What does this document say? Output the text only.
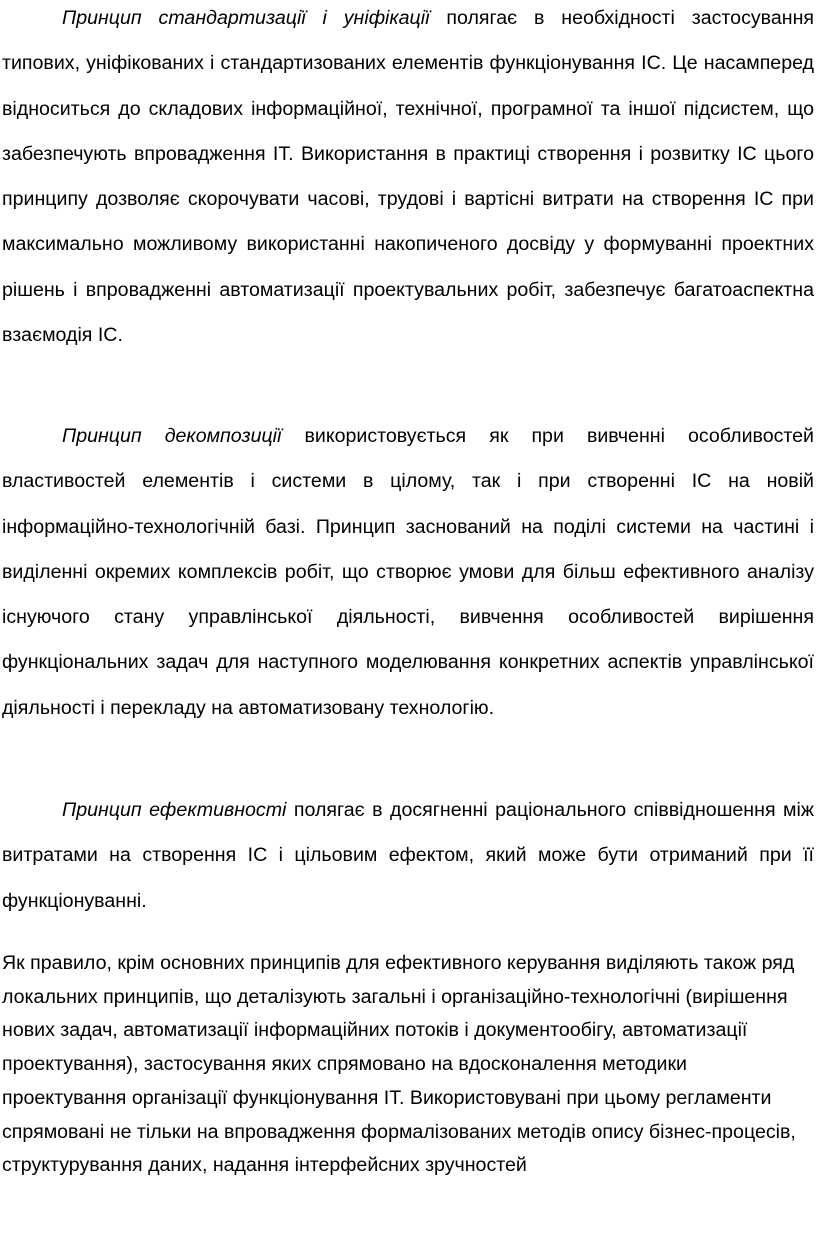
Принцип стандартизації і уніфікації полягає в необхідності застосування типових, уніфікованих і стандартизованих елементів функціонування ІС. Це насамперед відноситься до складових інформаційної, технічної, програмної та іншої підсистем, що забезпечують впровадження ІТ. Використання в практиці створення і розвитку ІС цього принципу дозволяє скорочувати часові, трудові і вартісні витрати на створення ІС при максимально можливому використанні накопиченого досвіду у формуванні проектних рішень і впровадженні автоматизації проектувальних робіт, забезпечує багатоаспектна взаємодія ІС.

Принцип декомпозиції використовується як при вивченні особливостей властивостей елементів і системи в цілому, так і при створенні ІС на новій інформаційно-технологічній базі. Принцип заснований на поділі системи на частині і виділенні окремих комплексів робіт, що створює умови для більш ефективного аналізу існуючого стану управлінської діяльності, вивчення особливостей вирішення функціональних задач для наступного моделювання конкретних аспектів управлінської діяльності і перекладу на автоматизовану технологію.

Принцип ефективності полягає в досягненні раціонального співвідношення між витратами на створення ІС і цільовим ефектом, який може бути отриманий при її функціонуванні.

Як правило, крім основних принципів для ефективного керування виділяють також ряд локальних принципів, що деталізують загальні і організаційно-технологічні (вирішення нових задач, автоматизації інформаційних потоків і документообігу, автоматизації проектування), застосування яких спрямовано на вдосконалення методики проектування організації функціонування ІТ. Використовувані при цьому регламенти спрямовані не тільки на впровадження формалізованих методів опису бізнес-процесів, структурування даних, надання інтерфейсних зручностей
